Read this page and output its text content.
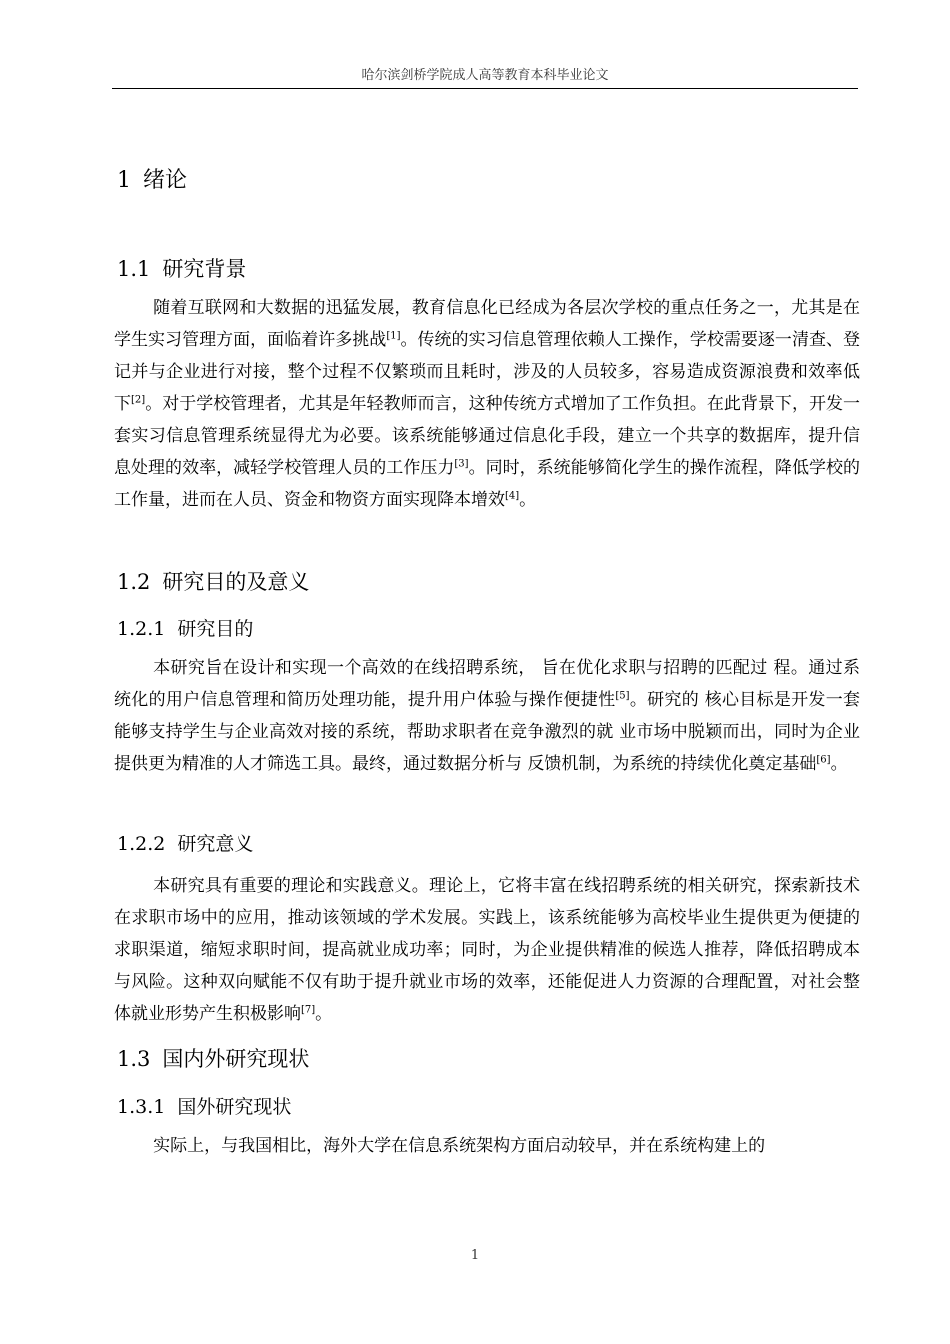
哈尔滨剑桥学院成人高等教育本科毕业论文
1 绪论
1.1 研究背景

随着互联网和大数据的迅猛发展，教育信息化已经成为各层次学校的重点任务之一，尤其是在学生实习管理方面，面临着许多挑战[1]。传统的实习信息管理依赖人工操作，学校需要逐一清查、登记并与企业进行对接，整个过程不仅繁琐而且耗时，涉及的人员较多，容易造成资源浪费和效率低下[2]。对于学校管理者，尤其是年轻教师而言，这种传统方式增加了工作负担。在此背景下，开发一套实习信息管理系统显得尤为必要。该系统能够通过信息化手段，建立一个共享的数据库，提升信息处理的效率，减轻学校管理人员的工作压力[3]。同时，系统能够简化学生的操作流程，降低学校的工作量，进而在人员、资金和物资方面实现降本增效[4]。

1.2 研究目的及意义
1.2.1 研究目的

本研究旨在设计和实现一个高效的在线招聘系统， 旨在优化求职与招聘的匹配过 程。通过系统化的用户信息管理和简历处理功能，提升用户体验与操作便捷性[5]。研究的 核心目标是开发一套能够支持学生与企业高效对接的系统，帮助求职者在竞争激烈的就 业市场中脱颖而出，同时为企业提供更为精准的人才筛选工具。最终，通过数据分析与 反馈机制，为系统的持续优化奠定基础[6]。

1.2.2 研究意义

本研究具有重要的理论和实践意义。理论上，它将丰富在线招聘系统的相关研究，探索新技术在求职市场中的应用，推动该领域的学术发展。实践上，该系统能够为高校毕业生提供更为便捷的求职渠道，缩短求职时间，提高就业成功率；同时，为企业提供精准的候选人推荐，降低招聘成本与风险。这种双向赋能不仅有助于提升就业市场的效率，还能促进人力资源的合理配置，对社会整体就业形势产生积极影响[7]。

1.3 国内外研究现状
1.3.1 国外研究现状

实际上，与我国相比，海外大学在信息系统架构方面启动较早，并在系统构建上的

1
